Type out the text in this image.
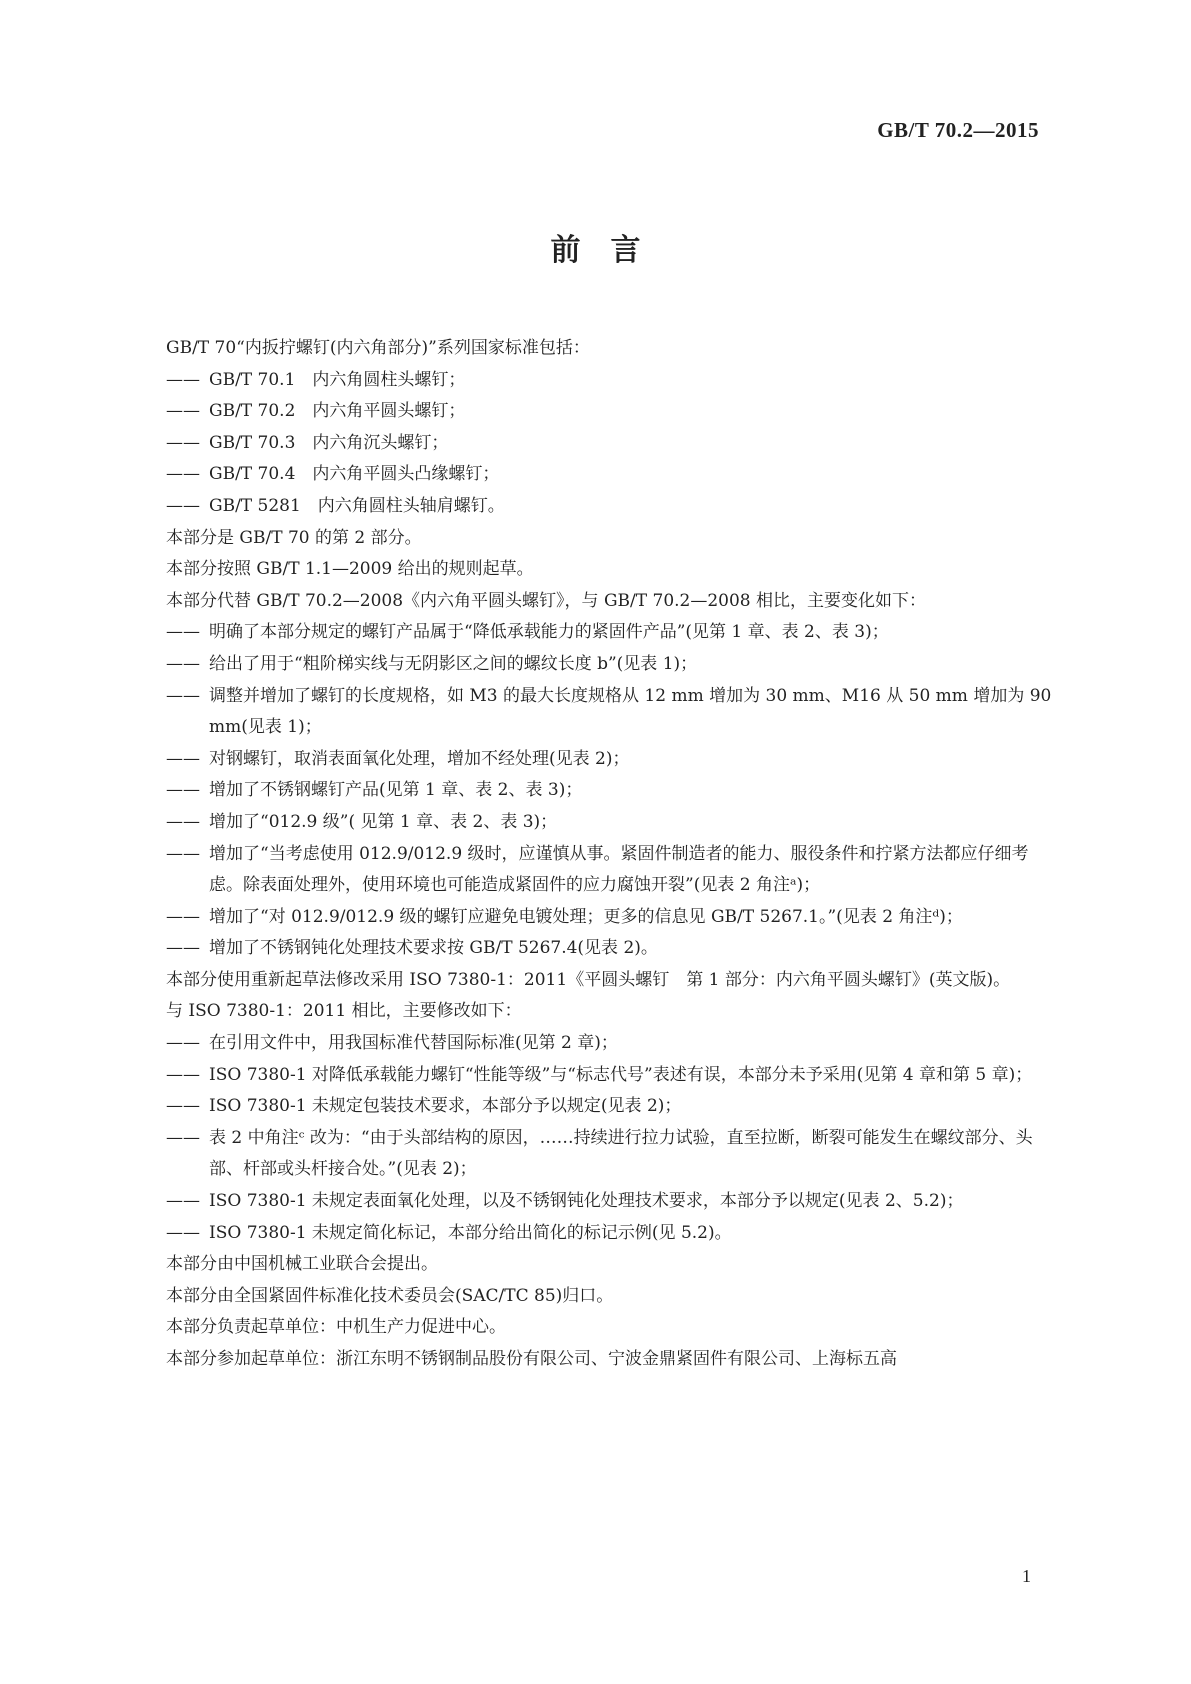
GB/T 70.2—2015
前言
GB/T 70“内扳拧螺钉(内六角部分)”系列国家标准包括：
—— GB/T 70.1　内六角圆柱头螺钉；
—— GB/T 70.2　内六角平圆头螺钉；
—— GB/T 70.3　内六角沉头螺钉；
—— GB/T 70.4　内六角平圆头凸缘螺钉；
—— GB/T 5281　内六角圆柱头轴肩螺钉。
本部分是 GB/T 70 的第 2 部分。
本部分按照 GB/T 1.1—2009 给出的规则起草。
本部分代替 GB/T 70.2—2008《内六角平圆头螺钉》，与 GB/T 70.2—2008 相比，主要变化如下：
—— 明确了本部分规定的螺钉产品属于“降低承载能力的紧固件产品”(见第 1 章、表 2、表 3)；
—— 给出了用于“粗阶梯实线与无阴影区之间的螺纹长度 b”(见表 1)；
—— 调整并增加了螺钉的长度规格，如 M3 的最大长度规格从 12 mm 增加为 30 mm、M16 从 50 mm 增加为 90 mm(见表 1)；
—— 对钢螺钉，取消表面氧化处理，增加不经处理(见表 2)；
—— 增加了不锈钢螺钉产品(见第 1 章、表 2、表 3)；
—— 增加了“012.9 级”( 见第 1 章、表 2、表 3)；
—— 增加了“当考虑使用 012.9/012.9 级时，应谨慎从事。紧固件制造者的能力、服役条件和拧紧方法都应仔细考虑。除表面处理外，使用环境也可能造成紧固件的应力腐蚀开裂”(见表 2 角注ᵃ)；
—— 增加了“对 012.9/012.9 级的螺钉应避免电镀处理；更多的信息见 GB/T 5267.1。”(见表 2 角注ᵈ)；
—— 增加了不锈钢钝化处理技术要求按 GB/T 5267.4(见表 2)。
本部分使用重新起草法修改采用 ISO 7380-1：2011《平圆头螺钉　第 1 部分：内六角平圆头螺钉》(英文版)。
与 ISO 7380-1：2011 相比，主要修改如下：
—— 在引用文件中，用我国标准代替国际标准(见第 2 章)；
—— ISO 7380-1 对降低承载能力螺钉“性能等级”与“标志代号”表述有误，本部分未予采用(见第 4 章和第 5 章)；
—— ISO 7380-1 未规定包装技术要求，本部分予以规定(见表 2)；
—— 表 2 中角注ᶜ 改为：“由于头部结构的原因，……持续进行拉力试验，直至拉断，断裂可能发生在螺纹部分、头部、杆部或头杆接合处。”(见表 2)；
—— ISO 7380-1 未规定表面氧化处理，以及不锈钢钝化处理技术要求，本部分予以规定(见表 2、5.2)；
—— ISO 7380-1 未规定简化标记，本部分给出简化的标记示例(见 5.2)。
本部分由中国机械工业联合会提出。
本部分由全国紧固件标准化技术委员会(SAC/TC 85)归口。
本部分负责起草单位：中机生产力促进中心。
本部分参加起草单位：浙江东明不锈钢制品股份有限公司、宁波金鼎紧固件有限公司、上海标五高
1
